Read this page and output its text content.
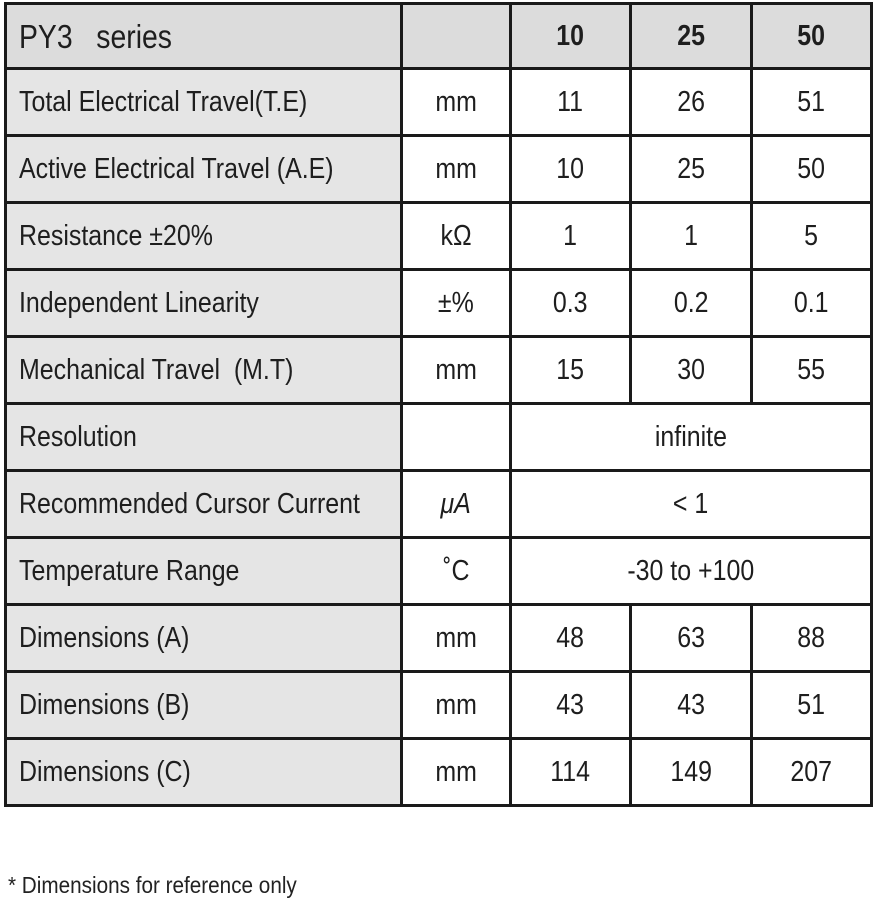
PY3   series		10	25	50
Total Electrical Travel(T.E)	mm	11	26	51
Active Electrical Travel (A.E)	mm	10	25	50
Resistance ±20%	kΩ	1	1	5
Independent Linearity	±%	0.3	0.2	0.1
Mechanical Travel  (M.T)	mm	15	30	55
Resolution		infinite		
Recommended Cursor Current	μA	< 1		
Temperature Range	˚C	-30 to +100		
Dimensions (A)	mm	48	63	88
Dimensions (B)	mm	43	43	51
Dimensions (C)	mm	114	149	207
* Dimensions for reference only
